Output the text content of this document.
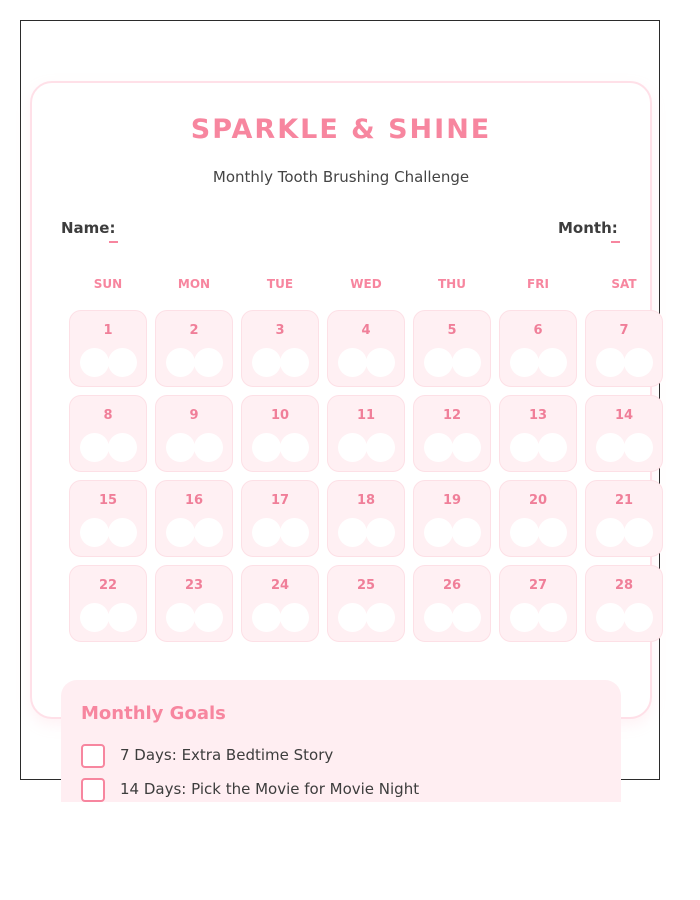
SPARKLE & SHINE
Monthly Tooth Brushing Challenge
Name:	Month:
SUN	MON	TUE	WED	THU	FRI	SAT
1	2	3	4	5	6	7
8	9	10	11	12	13	14
15	16	17	18	19	20	21
22	23	24	25	26	27	28
Monthly Goals
7 Days: Extra Bedtime Story
14 Days: Pick the Movie for Movie Night
